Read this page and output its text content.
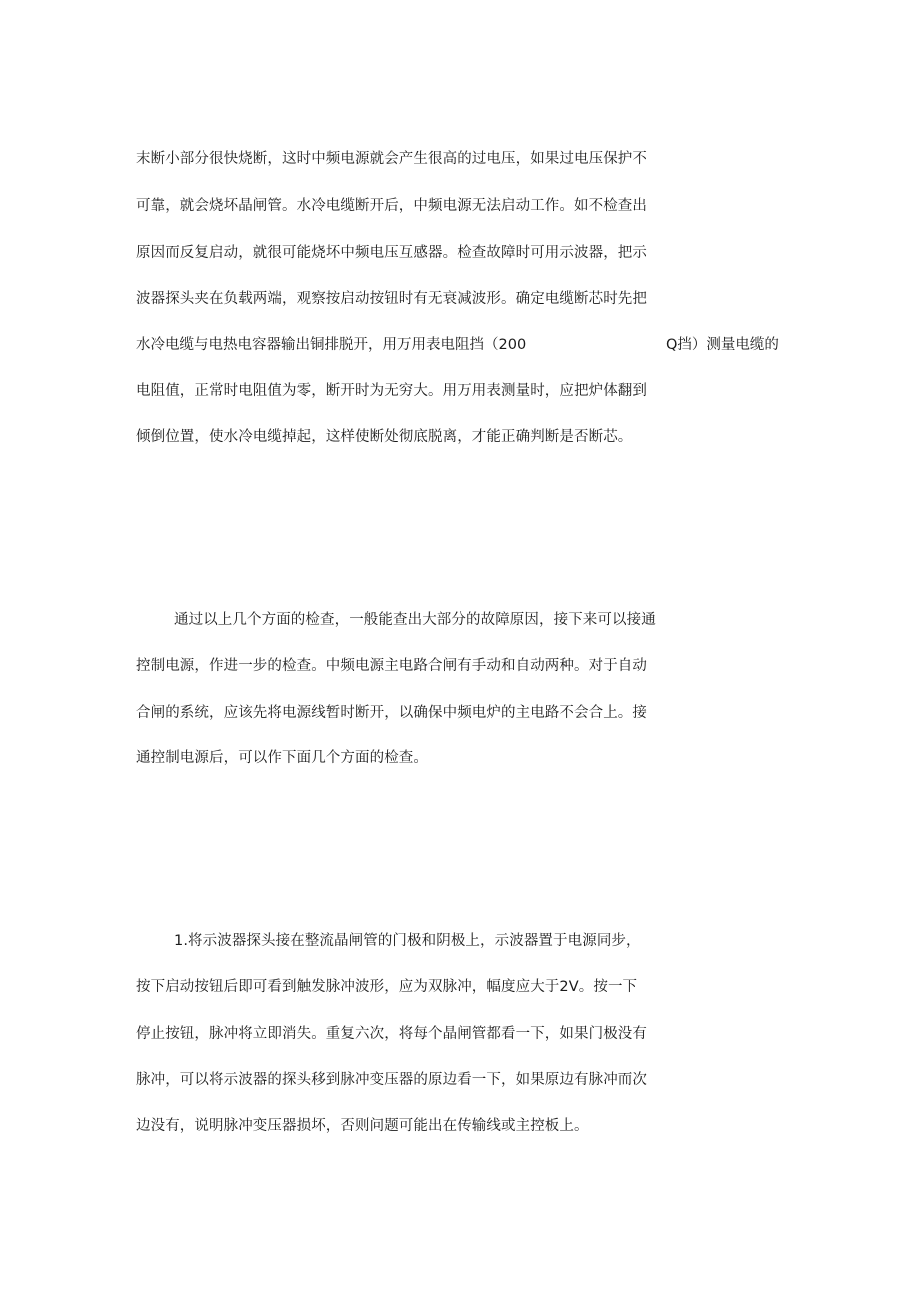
末断小部分很快烧断，这时中频电源就会产生很高的过电压，如果过电压保护不
可靠，就会烧坏晶闸管。水冷电缆断开后，中频电源无法启动工作。如不检查出
原因而反复启动，就很可能烧坏中频电压互感器。检查故障时可用示波器，把示
波器探头夹在负载两端，观察按启动按钮时有无衰减波形。确定电缆断芯时先把
水冷电缆与电热电容器输出铜排脱开，用万用表电阻挡（200	Q挡）测量电缆的
电阻值，正常时电阻值为零，断开时为无穷大。用万用表测量时，应把炉体翻到
倾倒位置，使水冷电缆掉起，这样使断处彻底脱离，才能正确判断是否断芯。
通过以上几个方面的检查，一般能查出大部分的故障原因，接下来可以接通
控制电源，作进一步的检查。中频电源主电路合闸有手动和自动两种。对于自动
合闸的系统，应该先将电源线暂时断开，以确保中频电炉的主电路不会合上。接
通控制电源后，可以作下面几个方面的检查。
1.将示波器探头接在整流晶闸管的门极和阴极上，示波器置于电源同步，
按下启动按钮后即可看到触发脉冲波形，应为双脉冲，幅度应大于2V。按一下
停止按钮，脉冲将立即消失。重复六次，将每个晶闸管都看一下，如果门极没有
脉冲，可以将示波器的探头移到脉冲变压器的原边看一下，如果原边有脉冲而次
边没有，说明脉冲变压器损坏，否则问题可能出在传输线或主控板上。
